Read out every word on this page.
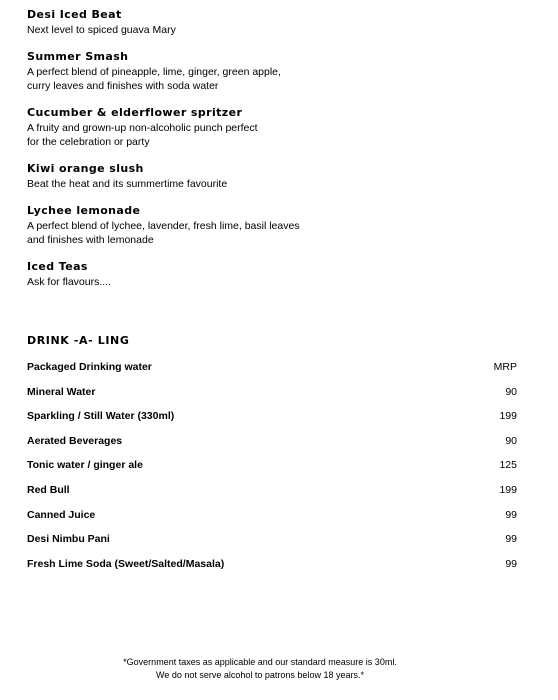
Desi Iced Beat
Next level to spiced guava Mary
Summer Smash
A perfect blend of pineapple, lime, ginger, green apple,
curry leaves and finishes with soda water
Cucumber & elderflower spritzer
A fruity and grown-up non-alcoholic punch perfect
for the celebration or party
Kiwi orange slush
Beat the heat and its summertime favourite
Lychee lemonade
A perfect blend of lychee, lavender, fresh lime, basil leaves
and finishes with lemonade
Iced Teas
Ask for flavours....
DRINK -A- LING
Packaged Drinking water	MRP
Mineral Water	90
Sparkling / Still Water (330ml)	199
Aerated Beverages	90
Tonic water / ginger ale	125
Red Bull	199
Canned Juice	99
Desi Nimbu Pani	99
Fresh Lime Soda (Sweet/Salted/Masala)	99
*Government taxes as applicable and our standard measure is 30ml.
We do not serve alcohol to patrons below 18 years.*
